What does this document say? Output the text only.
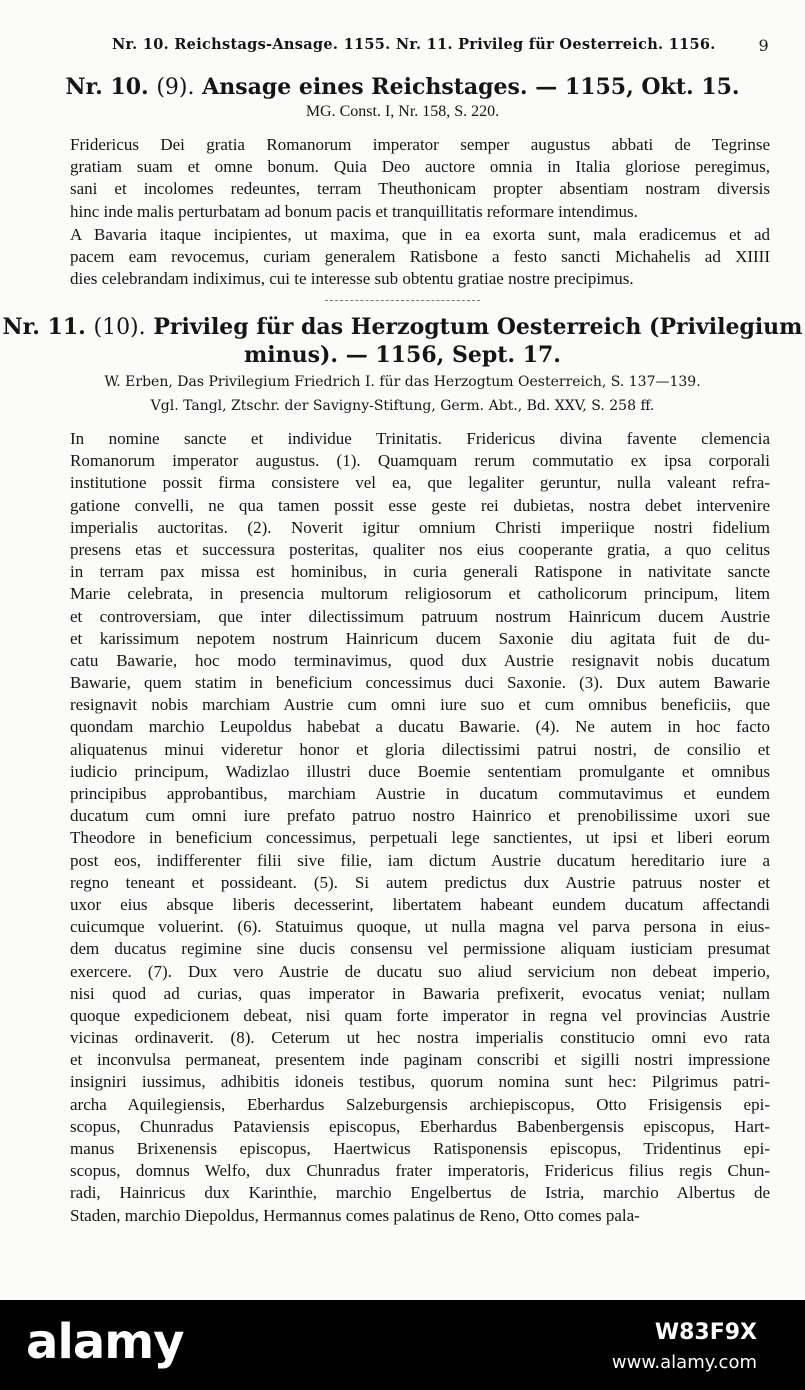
Nr. 10. Reichstags-Ansage. 1155. Nr. 11. Privileg für Oesterreich. 1156.	9
Nr. 10. (9). Ansage eines Reichstages. — 1155, Okt. 15.
MG. Const. I, Nr. 158, S. 220.
Fridericus Dei gratia Romanorum imperator semper augustus abbati de Tegrinse
gratiam suam et omne bonum. Quia Deo auctore omnia in Italia gloriose peregimus,
sani et incolomes redeuntes, terram Theuthonicam propter absentiam nostram diversis
hinc inde malis perturbatam ad bonum pacis et tranquillitatis reformare intendimus.
A Bavaria itaque incipientes, ut maxima, que in ea exorta sunt, mala eradicemus et ad
pacem eam revocemus, curiam generalem Ratisbone a festo sancti Michahelis ad XIIII
dies celebrandam indiximus, cui te interesse sub obtentu gratiae nostre precipimus.
Nr. 11. (10). Privileg für das Herzogtum Oesterreich (Privilegium
minus). — 1156, Sept. 17.
W. Erben, Das Privilegium Friedrich I. für das Herzogtum Oesterreich, S. 137—139.
Vgl. Tangl, Ztschr. der Savigny-Stiftung, Germ. Abt., Bd. XXV, S. 258 ff.
In nomine sancte et individue Trinitatis. Fridericus divina favente clemencia
Romanorum imperator augustus. (1). Quamquam rerum commutatio ex ipsa corporali
institutione possit firma consistere vel ea, que legaliter geruntur, nulla valeant refra-
gatione convelli, ne qua tamen possit esse geste rei dubietas, nostra debet intervenire
imperialis auctoritas. (2). Noverit igitur omnium Christi imperiique nostri fidelium
presens etas et successura posteritas, qualiter nos eius cooperante gratia, a quo celitus
in terram pax missa est hominibus, in curia generali Ratispone in nativitate sancte
Marie celebrata, in presencia multorum religiosorum et catholicorum principum, litem
et controversiam, que inter dilectissimum patruum nostrum Hainricum ducem Austrie
et karissimum nepotem nostrum Hainricum ducem Saxonie diu agitata fuit de du-
catu Bawarie, hoc modo terminavimus, quod dux Austrie resignavit nobis ducatum
Bawarie, quem statim in beneficium concessimus duci Saxonie. (3). Dux autem Bawarie
resignavit nobis marchiam Austrie cum omni iure suo et cum omnibus beneficiis, que
quondam marchio Leupoldus habebat a ducatu Bawarie. (4). Ne autem in hoc facto
aliquatenus minui videretur honor et gloria dilectissimi patrui nostri, de consilio et
iudicio principum, Wadizlao illustri duce Boemie sententiam promulgante et omnibus
principibus approbantibus, marchiam Austrie in ducatum commutavimus et eundem
ducatum cum omni iure prefato patruo nostro Hainrico et prenobilissime uxori sue
Theodore in beneficium concessimus, perpetuali lege sanctientes, ut ipsi et liberi eorum
post eos, indifferenter filii sive filie, iam dictum Austrie ducatum hereditario iure a
regno teneant et possideant. (5). Si autem predictus dux Austrie patruus noster et
uxor eius absque liberis decesserint, libertatem habeant eundem ducatum affectandi
cuicumque voluerint. (6). Statuimus quoque, ut nulla magna vel parva persona in eius-
dem ducatus regimine sine ducis consensu vel permissione aliquam iusticiam presumat
exercere. (7). Dux vero Austrie de ducatu suo aliud servicium non debeat imperio,
nisi quod ad curias, quas imperator in Bawaria prefixerit, evocatus veniat; nullam
quoque expedicionem debeat, nisi quam forte imperator in regna vel provincias Austrie
vicinas ordinaverit. (8). Ceterum ut hec nostra imperialis constitucio omni evo rata
et inconvulsa permaneat, presentem inde paginam conscribi et sigilli nostri impressione
insigniri iussimus, adhibitis idoneis testibus, quorum nomina sunt hec: Pilgrimus patri-
archa Aquilegiensis, Eberhardus Salzeburgensis archiepiscopus, Otto Frisigensis epi-
scopus, Chunradus Pataviensis episcopus, Eberhardus Babenbergensis episcopus, Hart-
manus Brixenensis episcopus, Haertwicus Ratisponensis episcopus, Tridentinus epi-
scopus, domnus Welfo, dux Chunradus frater imperatoris, Fridericus filius regis Chun-
radi, Hainricus dux Karinthie, marchio Engelbertus de Istria, marchio Albertus de
Staden, marchio Diepoldus, Hermannus comes palatinus de Reno, Otto comes pala-
alamy	W83F9X
www.alamy.com
